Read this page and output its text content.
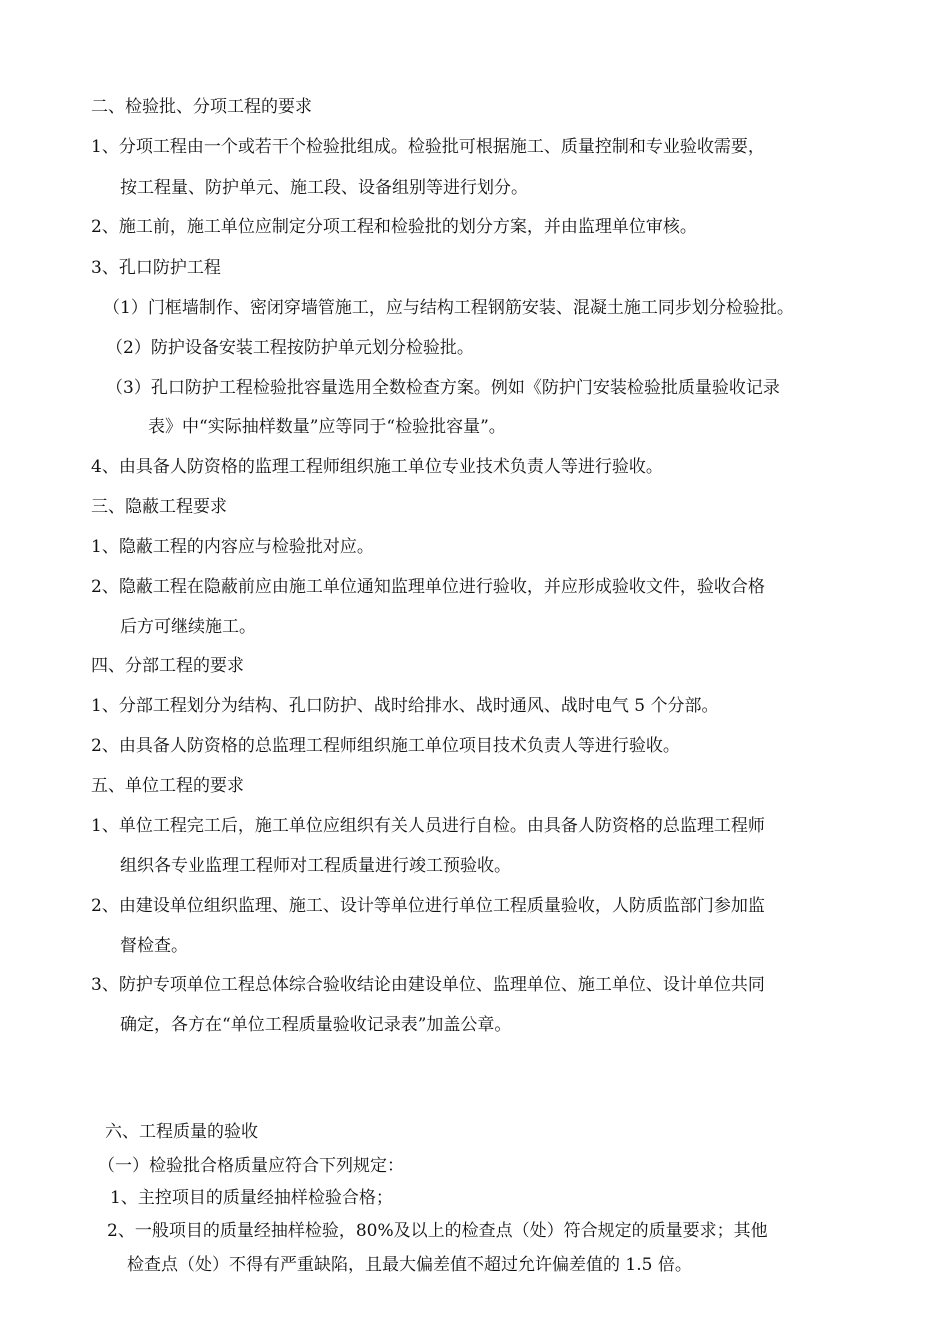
二、检验批、分项工程的要求
1、分项工程由一个或若干个检验批组成。检验批可根据施工、质量控制和专业验收需要，
按工程量、防护单元、施工段、设备组别等进行划分。
2、施工前，施工单位应制定分项工程和检验批的划分方案，并由监理单位审核。
3、孔口防护工程
（1）门框墙制作、密闭穿墙管施工，应与结构工程钢筋安装、混凝土施工同步划分检验批。
（2）防护设备安装工程按防护单元划分检验批。
（3）孔口防护工程检验批容量选用全数检查方案。例如《防护门安装检验批质量验收记录
表》中“实际抽样数量”应等同于“检验批容量”。
4、由具备人防资格的监理工程师组织施工单位专业技术负责人等进行验收。
三、隐蔽工程要求
1、隐蔽工程的内容应与检验批对应。
2、隐蔽工程在隐蔽前应由施工单位通知监理单位进行验收，并应形成验收文件，验收合格
后方可继续施工。
四、分部工程的要求
1、分部工程划分为结构、孔口防护、战时给排水、战时通风、战时电气 5 个分部。
2、由具备人防资格的总监理工程师组织施工单位项目技术负责人等进行验收。
五、单位工程的要求
1、单位工程完工后，施工单位应组织有关人员进行自检。由具备人防资格的总监理工程师
组织各专业监理工程师对工程质量进行竣工预验收。
2、由建设单位组织监理、施工、设计等单位进行单位工程质量验收，人防质监部门参加监
督检查。
3、防护专项单位工程总体综合验收结论由建设单位、监理单位、施工单位、设计单位共同
确定，各方在“单位工程质量验收记录表”加盖公章。
六、工程质量的验收
（一）检验批合格质量应符合下列规定：
1、主控项目的质量经抽样检验合格；
2、一般项目的质量经抽样检验，80%及以上的检查点（处）符合规定的质量要求；其他
检查点（处）不得有严重缺陷，且最大偏差值不超过允许偏差值的 1.5 倍。
